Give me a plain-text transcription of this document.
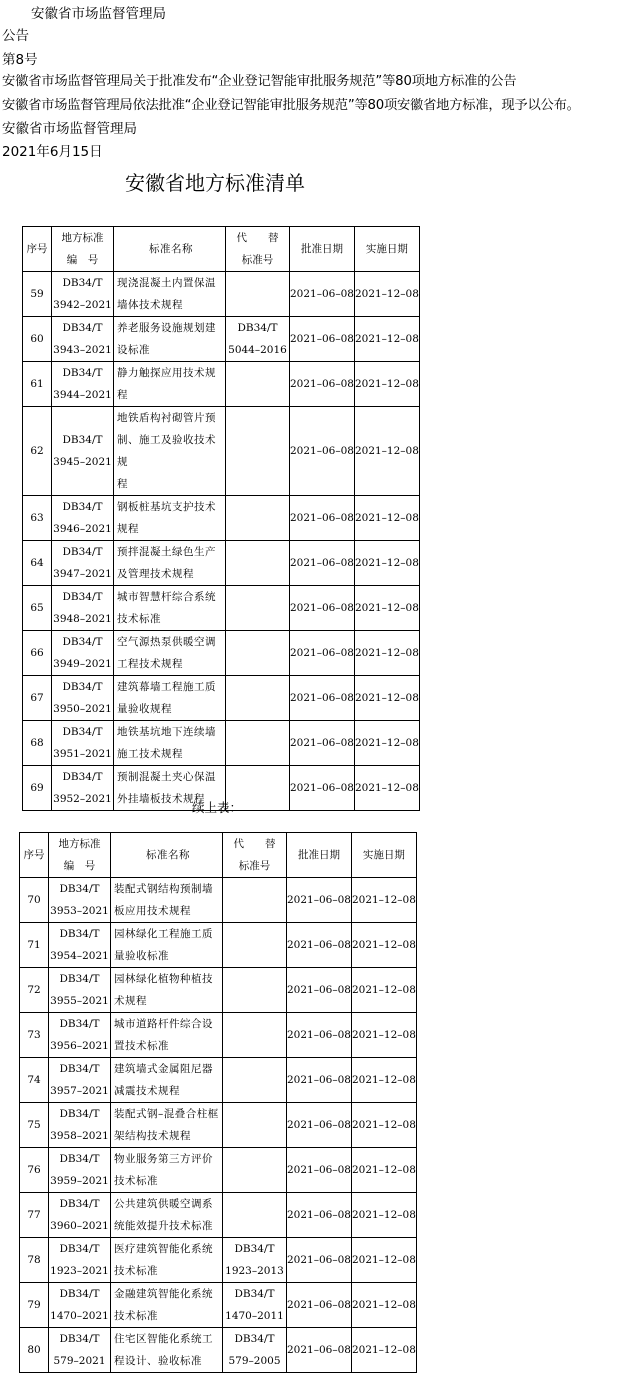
安徽省市场监督管理局
公告
第8号
安徽省市场监督管理局关于批准发布“企业登记智能审批服务规范”等80项地方标准的公告
安徽省市场监督管理局依法批准“企业登记智能审批服务规范”等80项安徽省地方标准，现予以公布。
安徽省市场监督管理局
2021年6月15日
安徽省地方标准清单
序号	地方标准
编　号	标准名称	代　　替
标准号	批准日期	实施日期
59	DB34/T
3942–2021	现浇混凝土内置保温
墙体技术规程		2021–06–08	2021–12–08
60	DB34/T
3943–2021	养老服务设施规划建
设标准	DB34/T
5044–2016	2021–06–08	2021–12–08
61	DB34/T
3944–2021	静力触探应用技术规
程		2021–06–08	2021–12–08
62	DB34/T
3945–2021	地铁盾构衬砌管片预
制、施工及验收技术规
程		2021–06–08	2021–12–08
63	DB34/T
3946–2021	钢板桩基坑支护技术
规程		2021–06–08	2021–12–08
64	DB34/T
3947–2021	预拌混凝土绿色生产
及管理技术规程		2021–06–08	2021–12–08
65	DB34/T
3948–2021	城市智慧杆综合系统
技术标准		2021–06–08	2021–12–08
66	DB34/T
3949–2021	空气源热泵供暖空调
工程技术规程		2021–06–08	2021–12–08
67	DB34/T
3950–2021	建筑幕墙工程施工质
量验收规程		2021–06–08	2021–12–08
68	DB34/T
3951–2021	地铁基坑地下连续墙
施工技术规程		2021–06–08	2021–12–08
69	DB34/T
3952–2021	预制混凝土夹心保温
外挂墙板技术规程		2021–06–08	2021–12–08
续上表：
序号	地方标准
编　号	标准名称	代　　替
标准号	批准日期	实施日期
70	DB34/T
3953–2021	装配式钢结构预制墙
板应用技术规程		2021–06–08	2021–12–08
71	DB34/T
3954–2021	园林绿化工程施工质
量验收标准		2021–06–08	2021–12–08
72	DB34/T
3955–2021	园林绿化植物种植技
术规程		2021–06–08	2021–12–08
73	DB34/T
3956–2021	城市道路杆件综合设
置技术标准		2021–06–08	2021–12–08
74	DB34/T
3957–2021	建筑墙式金属阻尼器
减震技术规程		2021–06–08	2021–12–08
75	DB34/T
3958–2021	装配式钢–混叠合柱框
架结构技术规程		2021–06–08	2021–12–08
76	DB34/T
3959–2021	物业服务第三方评价
技术标准		2021–06–08	2021–12–08
77	DB34/T
3960–2021	公共建筑供暖空调系
统能效提升技术标准		2021–06–08	2021–12–08
78	DB34/T
1923–2021	医疗建筑智能化系统
技术标准	DB34/T
1923–2013	2021–06–08	2021–12–08
79	DB34/T
1470–2021	金融建筑智能化系统
技术标准	DB34/T
1470–2011	2021–06–08	2021–12–08
80	DB34/T
579–2021	住宅区智能化系统工
程设计、验收标准	DB34/T
579–2005	2021–06–08	2021–12–08
